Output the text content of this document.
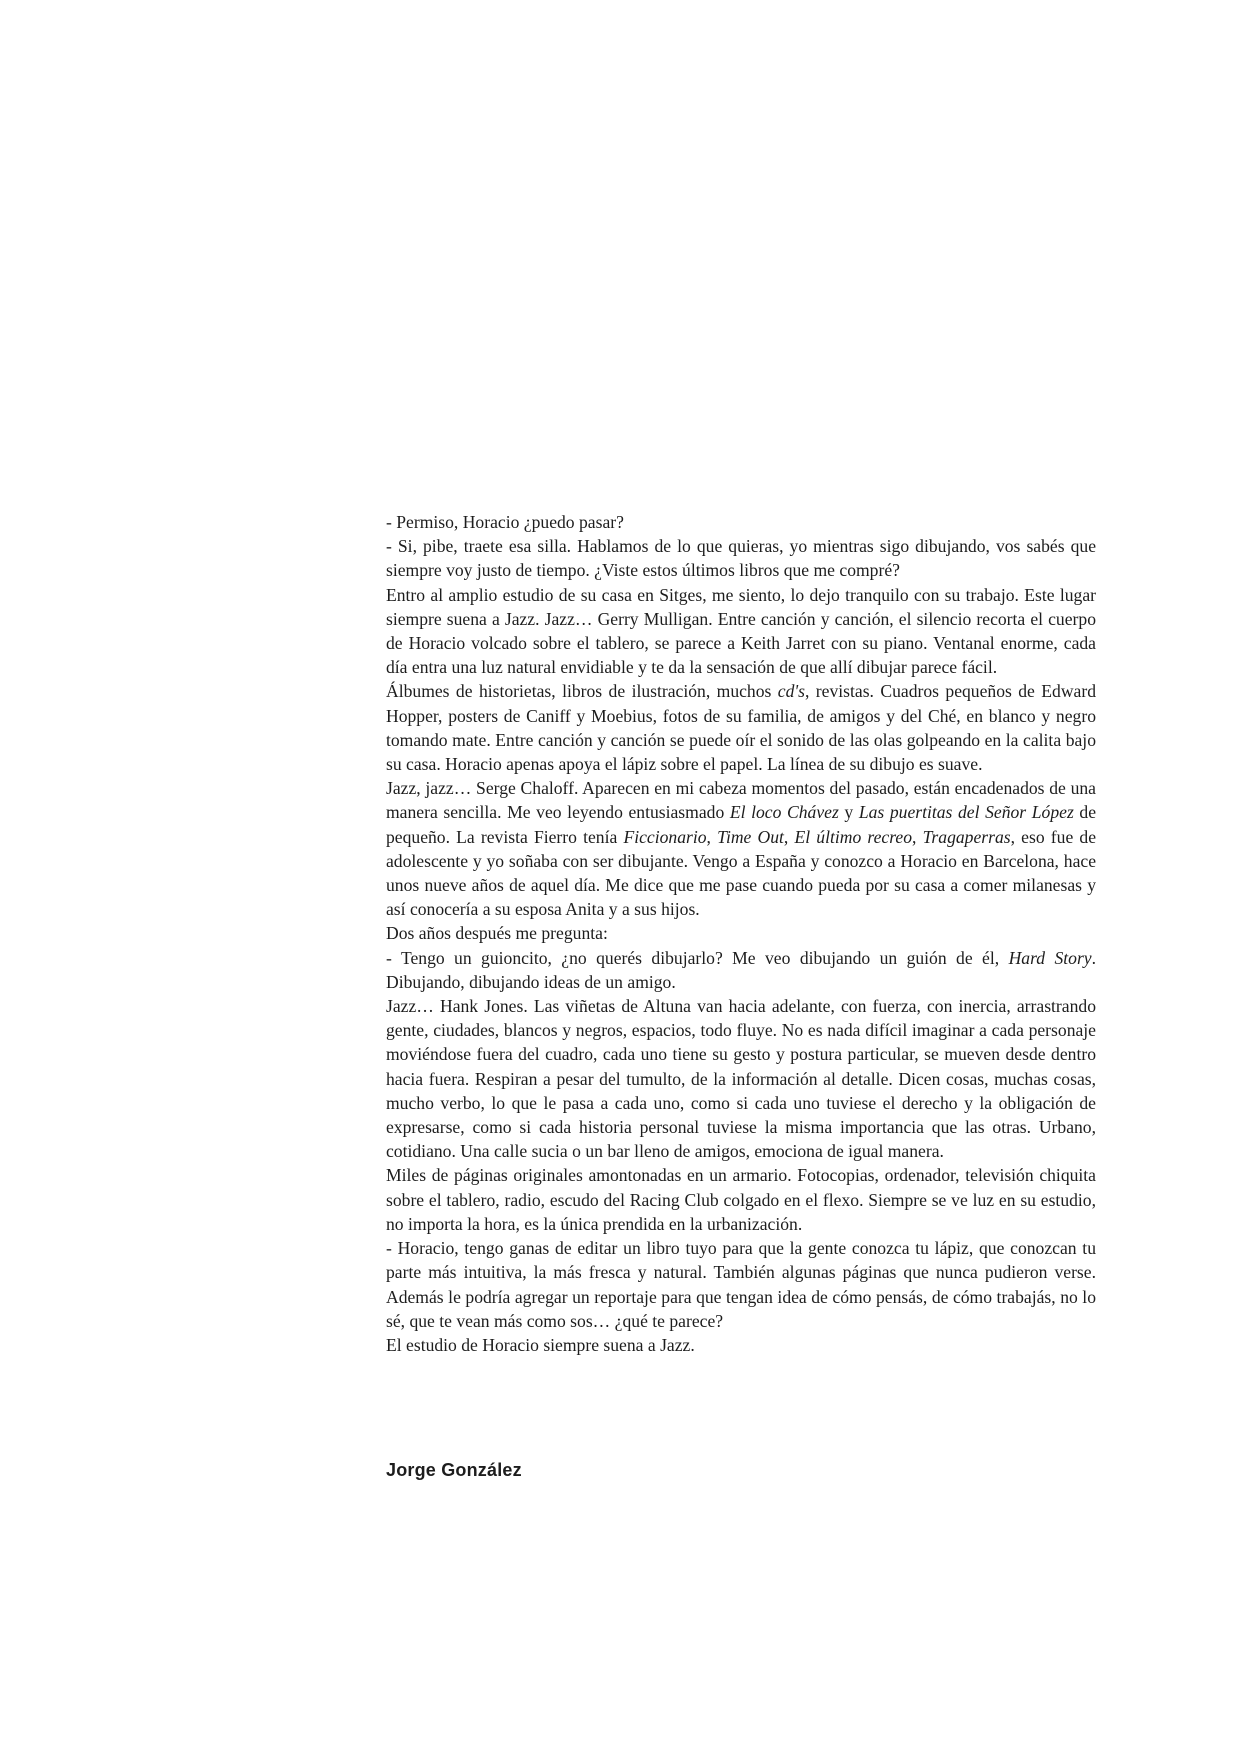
- Permiso, Horacio ¿puedo pasar?

- Si, pibe, traete esa silla. Hablamos de lo que quieras, yo mientras sigo dibujando, vos sabés que siempre voy justo de tiempo. ¿Viste estos últimos libros que me compré?

Entro al amplio estudio de su casa en Sitges, me siento, lo dejo tranquilo con su trabajo. Este lugar siempre suena a Jazz. Jazz… Gerry Mulligan. Entre canción y canción, el silencio recorta el cuerpo de Horacio volcado sobre el tablero, se parece a Keith Jarret con su piano. Ventanal enorme, cada día entra una luz natural envidiable y te da la sensación de que allí dibujar parece fácil.

Álbumes de historietas, libros de ilustración, muchos cd's, revistas. Cuadros pequeños de Edward Hopper, posters de Caniff y Moebius, fotos de su familia, de amigos y del Ché, en blanco y negro tomando mate. Entre canción y canción se puede oír el sonido de las olas golpeando en la calita bajo su casa. Horacio apenas apoya el lápiz sobre el papel. La línea de su dibujo es suave.

Jazz, jazz… Serge Chaloff. Aparecen en mi cabeza momentos del pasado, están encadenados de una manera sencilla. Me veo leyendo entusiasmado El loco Chávez y Las puertitas del Señor López de pequeño. La revista Fierro tenía Ficcionario, Time Out, El último recreo, Tragaperras, eso fue de adolescente y yo soñaba con ser dibujante. Vengo a España y conozco a Horacio en Barcelona, hace unos nueve años de aquel día. Me dice que me pase cuando pueda por su casa a comer milanesas y así conocería a su esposa Anita y a sus hijos.

Dos años después me pregunta:

- Tengo un guioncito, ¿no querés dibujarlo? Me veo dibujando un guión de él, Hard Story. Dibujando, dibujando ideas de un amigo.

Jazz… Hank Jones. Las viñetas de Altuna van hacia adelante, con fuerza, con inercia, arrastrando gente, ciudades, blancos y negros, espacios, todo fluye. No es nada difícil imaginar a cada personaje moviéndose fuera del cuadro, cada uno tiene su gesto y postura particular, se mueven desde dentro hacia fuera. Respiran a pesar del tumulto, de la información al detalle. Dicen cosas, muchas cosas, mucho verbo, lo que le pasa a cada uno, como si cada uno tuviese el derecho y la obligación de expresarse, como si cada historia personal tuviese la misma importancia que las otras. Urbano, cotidiano. Una calle sucia o un bar lleno de amigos, emociona de igual manera.

Miles de páginas originales amontonadas en un armario. Fotocopias, ordenador, televisión chiquita sobre el tablero, radio, escudo del Racing Club colgado en el flexo. Siempre se ve luz en su estudio, no importa la hora, es la única prendida en la urbanización.

- Horacio, tengo ganas de editar un libro tuyo para que la gente conozca tu lápiz, que conozcan tu parte más intuitiva, la más fresca y natural. También algunas páginas que nunca pudieron verse. Además le podría agregar un reportaje para que tengan idea de cómo pensás, de cómo trabajás, no lo sé, que te vean más como sos… ¿qué te parece?

El estudio de Horacio siempre suena a Jazz.

Jorge González
